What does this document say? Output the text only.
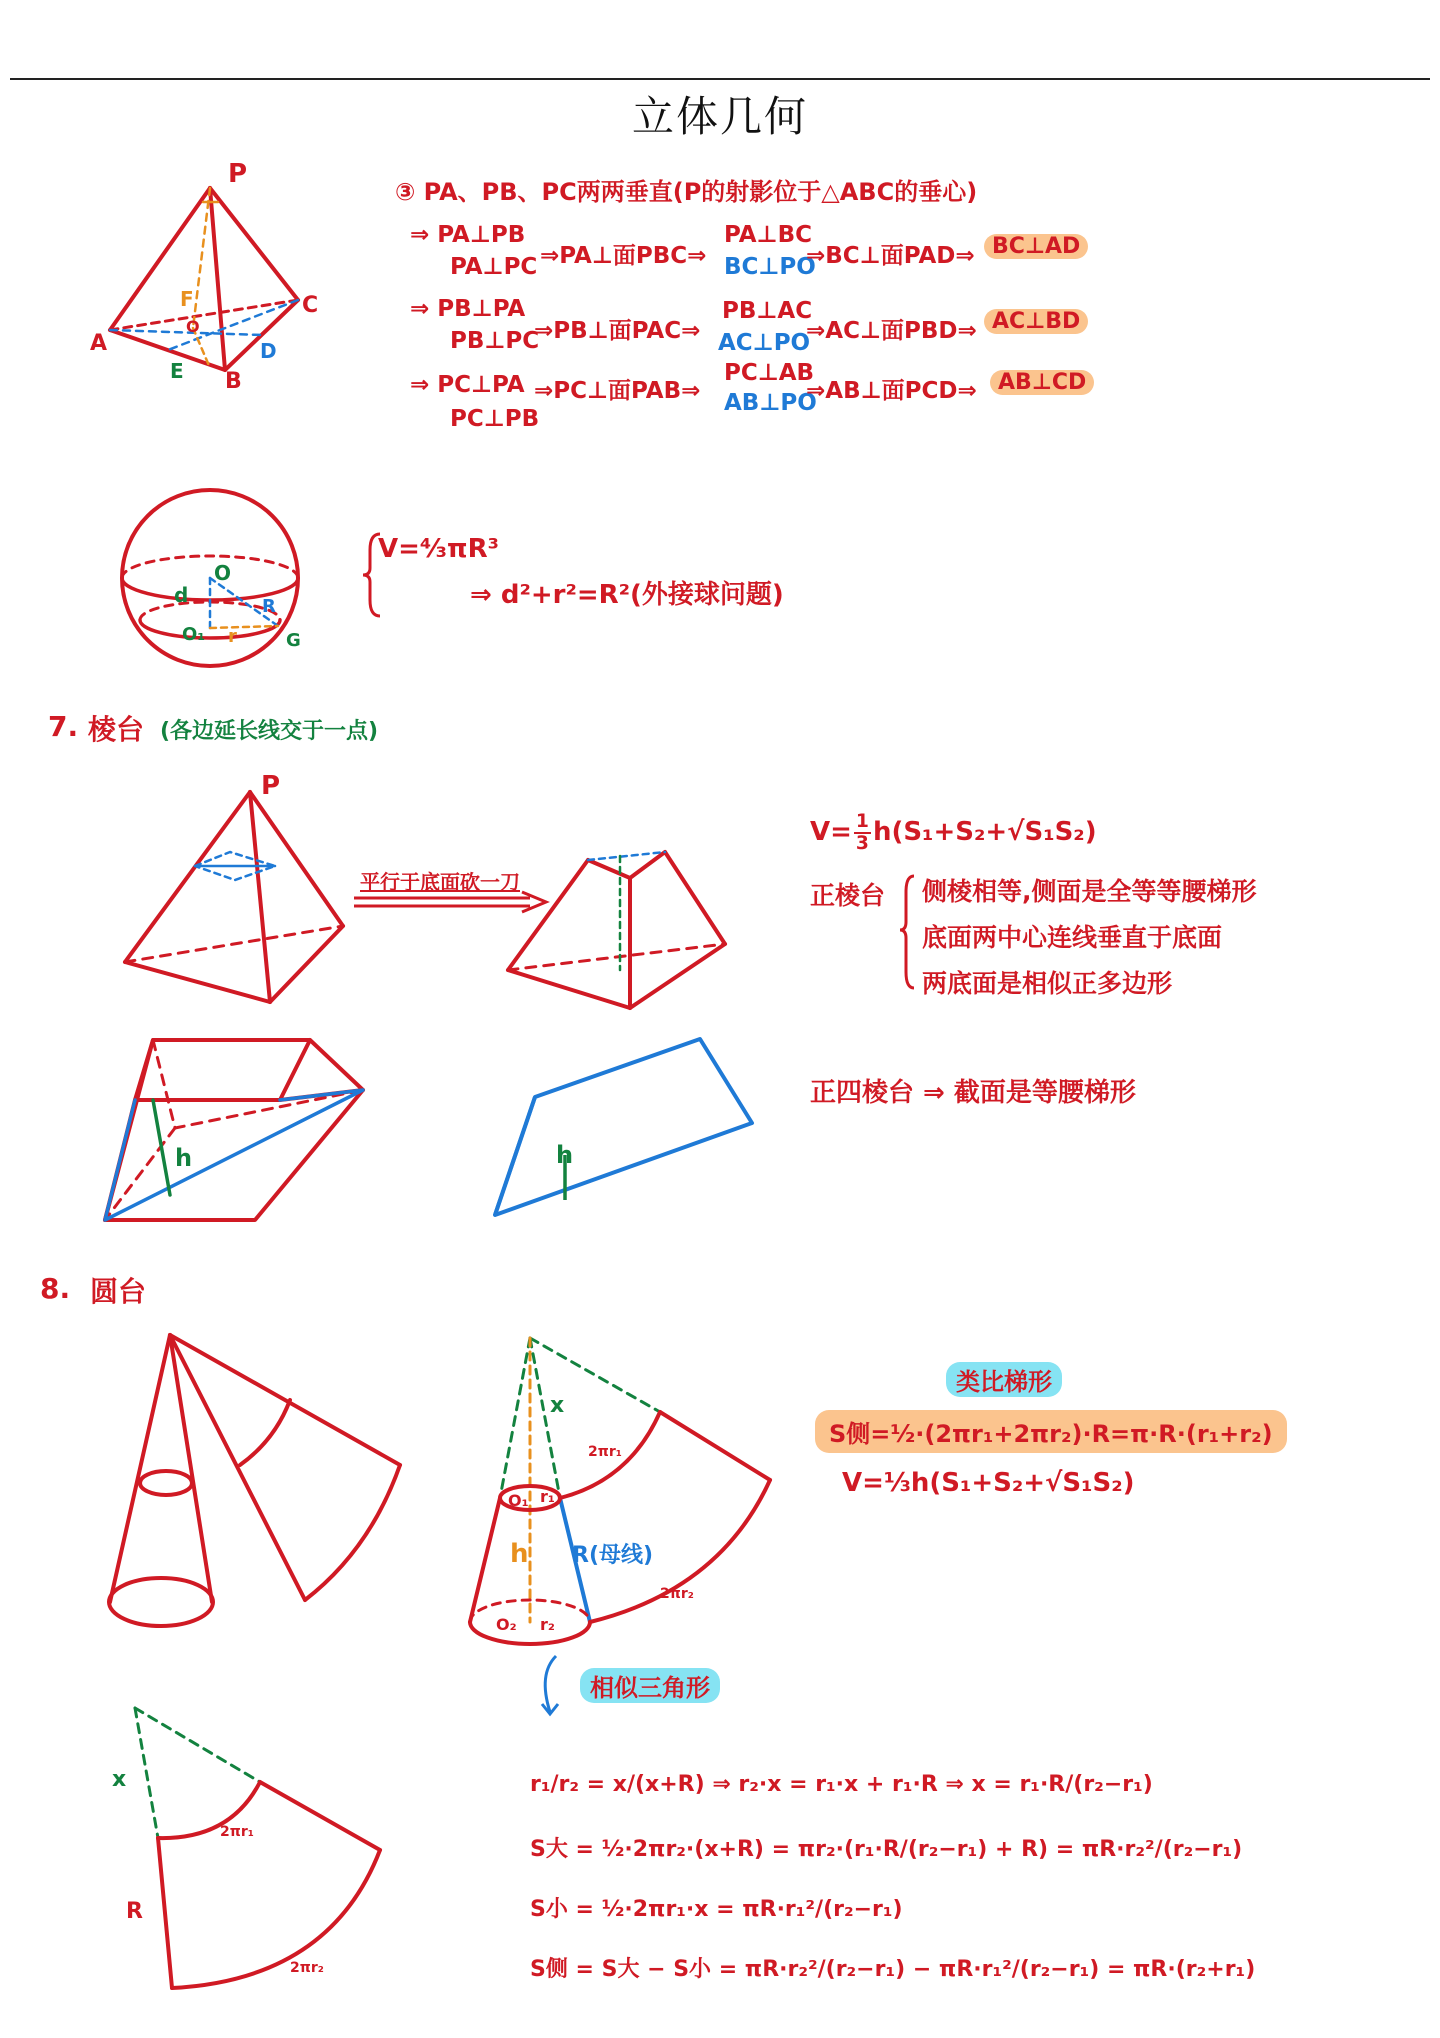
立体几何
P
A
B
C
D
E
F
O
③ PA、PB、PC两两垂直(P的射影位于△ABC的垂心)
⇒ PA⊥PB
PA⊥PC ⇒PA⊥面PBC⇒
PA⊥BC
BC⊥PO
⇒BC⊥面PAD⇒ BC⊥AD
⇒ PB⊥PA
PB⊥PC
⇒PB⊥面PAC⇒
PB⊥AC
AC⊥PO
⇒AC⊥面PBD⇒ AC⊥BD
⇒ PC⊥PA
PC⊥PB
⇒PC⊥面PAB⇒
PC⊥AB
AB⊥PO
⇒AB⊥面PCD⇒ AB⊥CD
d
O
O₁ r
R
G
V=⁴⁄₃πR³
⇒ d²+r²=R²(外接球问题)
7. 棱台 (各边延长线交于一点)
P
平行于底面砍一刀
$V= \frac{1}{3} h(S_1+S_2+√S_1S_2)$
正棱台 侧棱相等,侧面是全等等腰梯形
底面两中心连线垂直于底面
两底面是相似正多边形
h	h
正四棱台 ⇒ 截面是等腰梯形
8. 圆台
x
O₁ r₁
h R(母线)
O₂ r₂
2πr₁
2πr₂
类比梯形
S侧=½·(2πr₁+2πr₂)·R=π·R·(r₁+r₂)
V=⅓h(S₁+S₂+√S₁S₂)
相似三角形
x
R
2πr₁
2πr₂
r₁/r₂ = x/(x+R) ⇒ r₂·x = r₁·x + r₁·R ⇒ x = r₁·R/(r₂−r₁)
S大 = ½·2πr₂·(x+R) = πr₂·(r₁·R/(r₂−r₁) + R) = πR·r₂²/(r₂−r₁)
S小 = ½·2πr₁·x = πR·r₁²/(r₂−r₁)
S侧 = S大 − S小 = πR·r₂²/(r₂−r₁) − πR·r₁²/(r₂−r₁) = πR·(r₂+r₁)
